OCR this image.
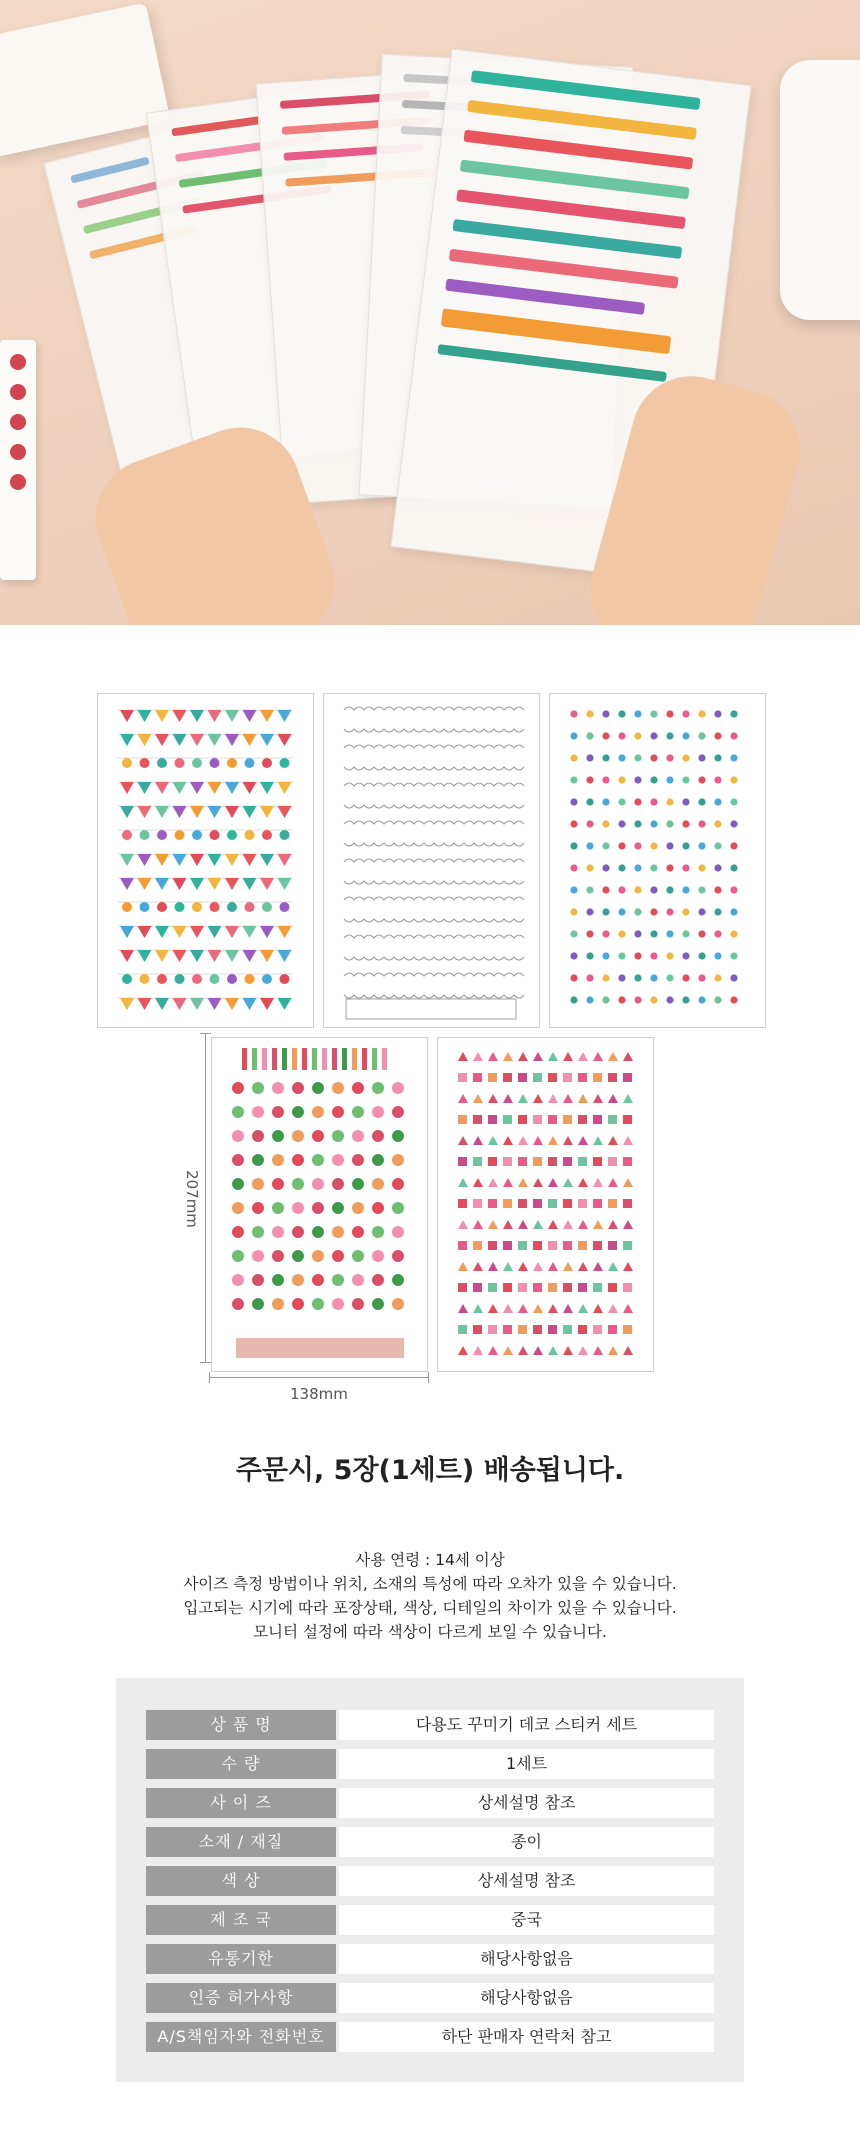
207mm
138mm
주문시, 5장(1세트) 배송됩니다.

사용 연령 : 14세 이상

사이즈 측정 방법이나 위치, 소재의 특성에 따라 오차가 있을 수 있습니다.

입고되는 시기에 따라 포장상태, 색상, 디테일의 차이가 있을 수 있습니다.

모니터 설정에 따라 색상이 다르게 보일 수 있습니다.

상 품 명	다용도 꾸미기 데코 스티커 세트
수 량	1세트
사 이 즈	상세설명 참조
소재 / 재질	종이
색 상	상세설명 참조
제 조 국	중국
유통기한	해당사항없음
인증 허가사항	해당사항없음
A/S책임자와 전화번호	하단 판매자 연락처 참고
